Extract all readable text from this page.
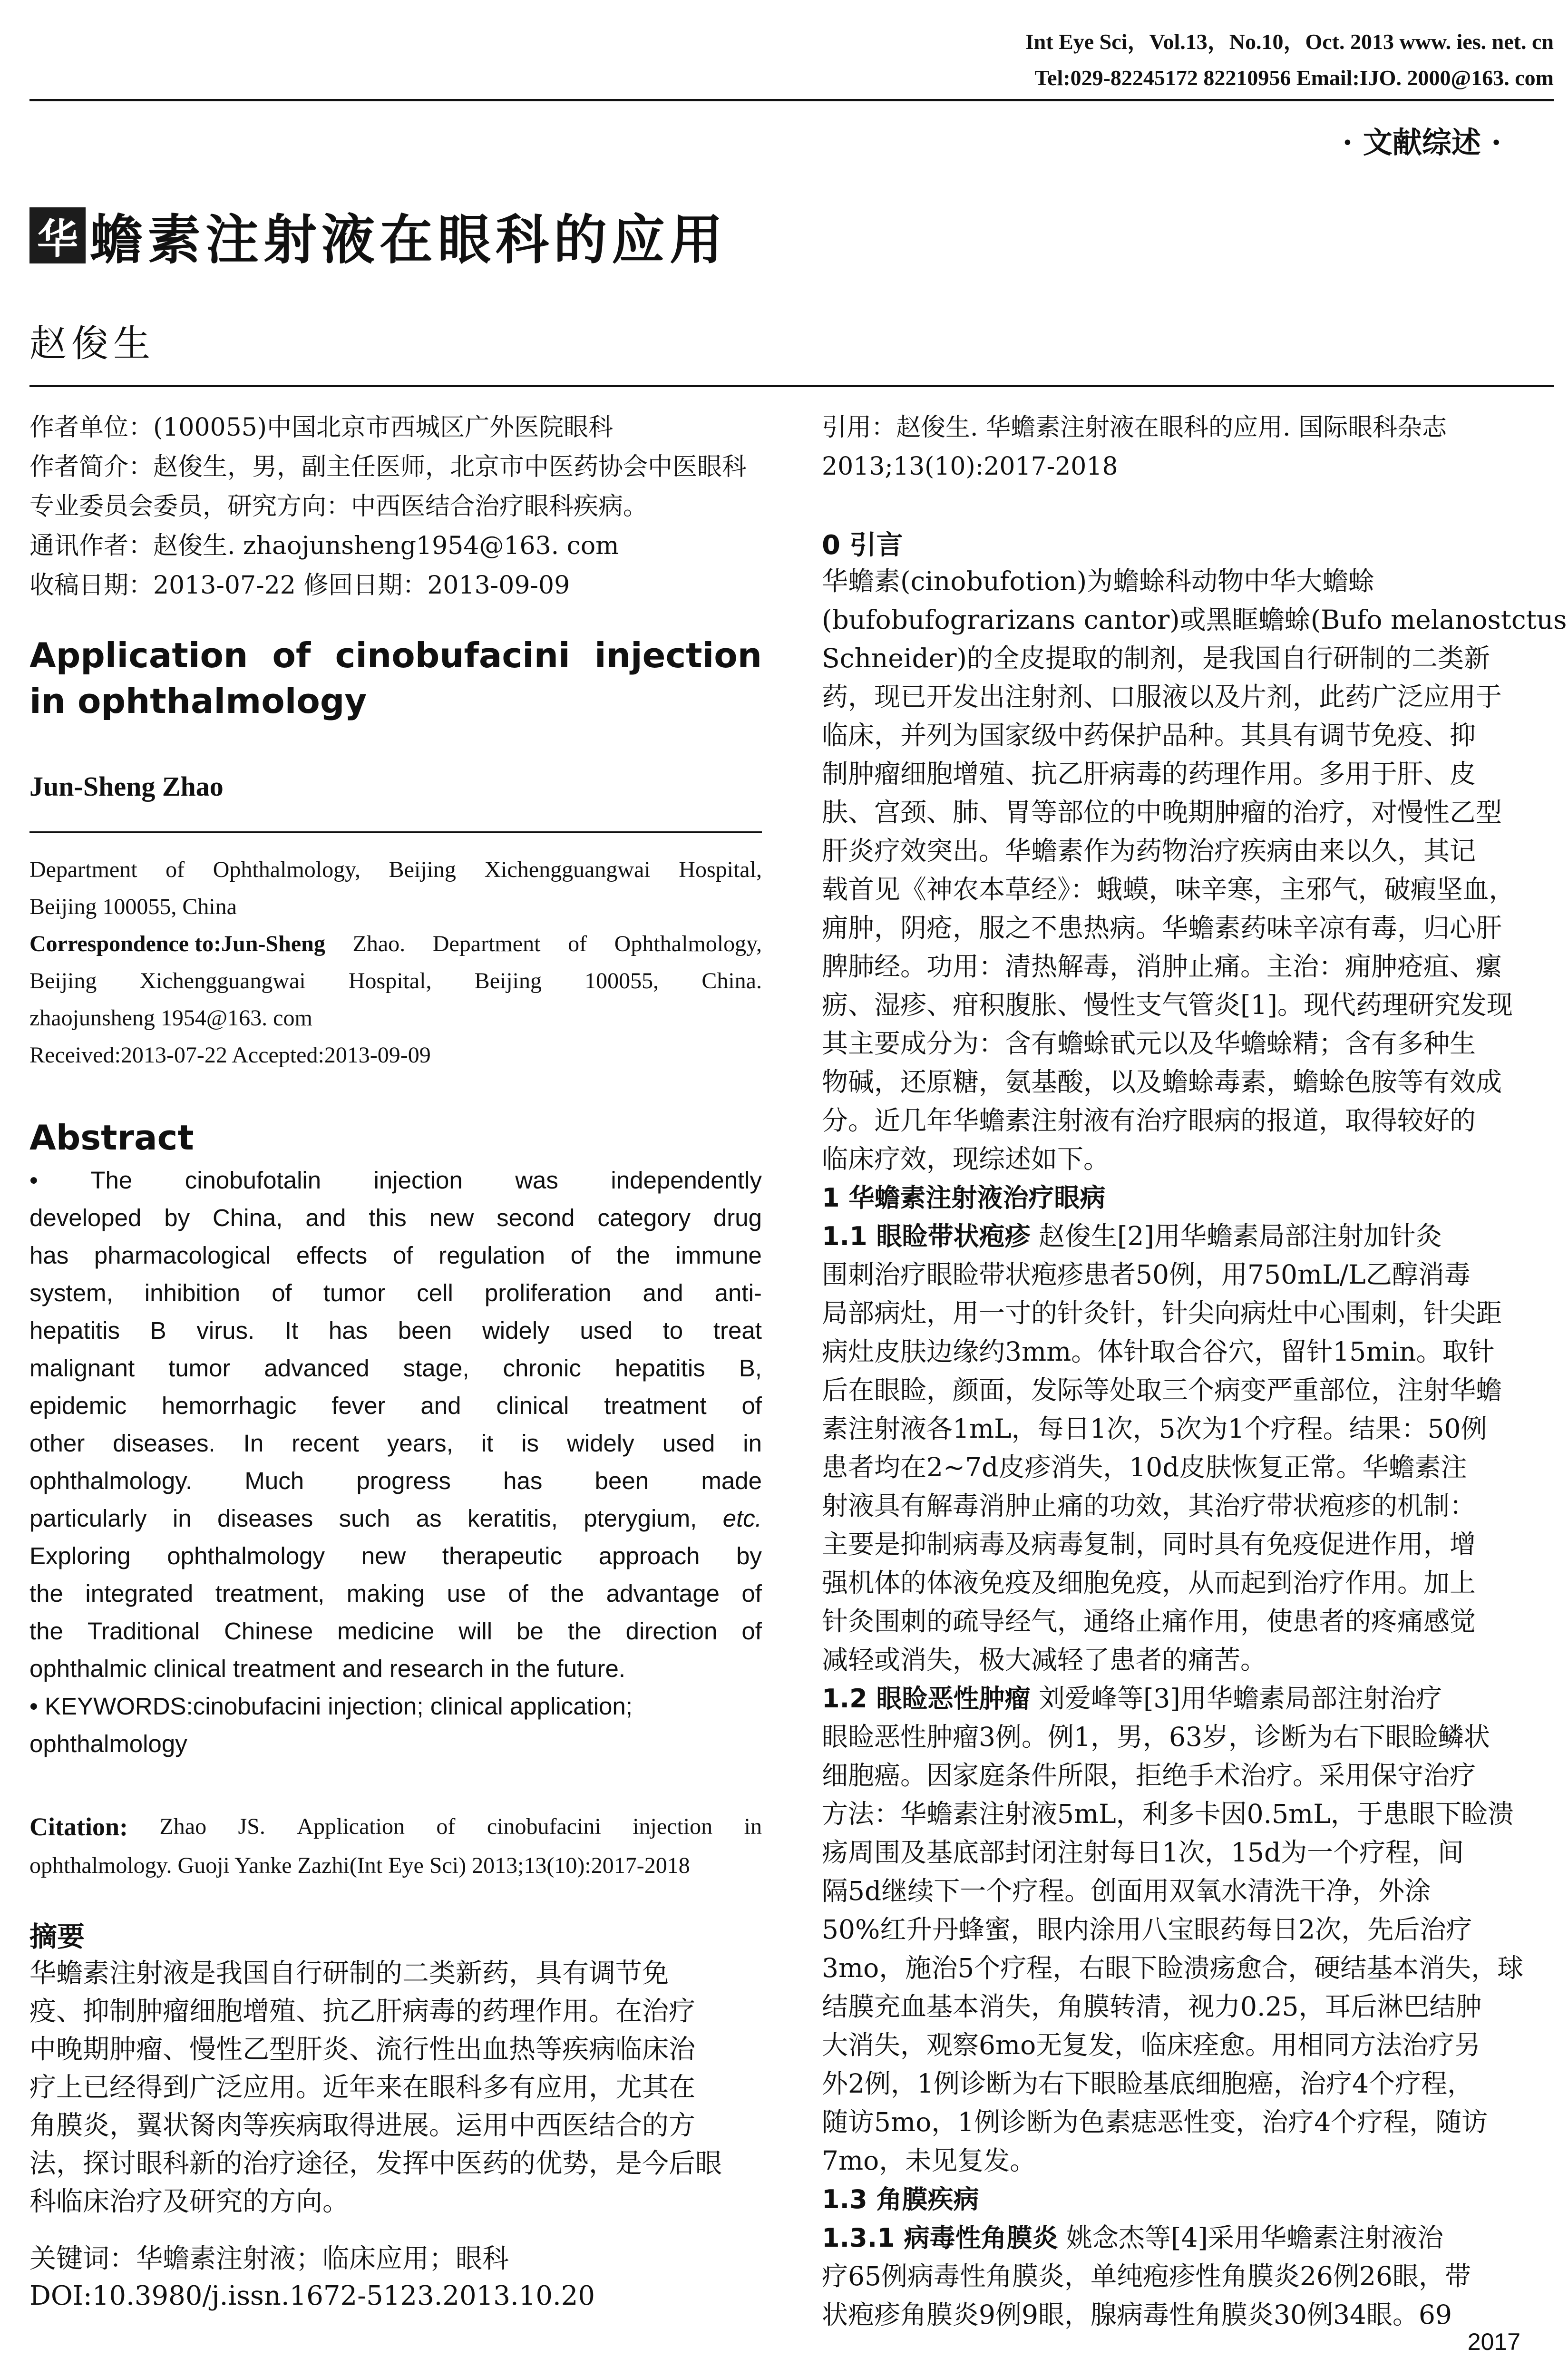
Int Eye Sci，Vol.13，No.10，Oct. 2013 www. ies. net. cn
Tel:029-82245172 82210956 Email:IJO. 2000@163. com
· 文献综述 ·
华 蟾素注射液在眼科的应用
赵俊生
作者单位：(100055)中国北京市西城区广外医院眼科
作者简介：赵俊生，男，副主任医师，北京市中医药协会中医眼科
专业委员会委员，研究方向：中西医结合治疗眼科疾病。
通讯作者：赵俊生. zhaojunsheng1954@163. com
收稿日期：2013-07-22 修回日期：2013-09-09
Application of cinobufacini injection
in ophthalmology
Jun-Sheng Zhao
Department of Ophthalmology, Beijing Xichengguangwai Hospital,
Beijing 100055, China
Correspondence to:Jun-Sheng Zhao. Department of Ophthalmology,
Beijing Xichengguangwai Hospital, Beijing 100055, China.
zhaojunsheng 1954@163. com
Received:2013-07-22 Accepted:2013-09-09
Abstract
• The cinobufotalin injection was independently
developed by China, and this new second category drug
has pharmacological effects of regulation of the immune
system, inhibition of tumor cell proliferation and anti-
hepatitis B virus. It has been widely used to treat
malignant tumor advanced stage, chronic hepatitis B,
epidemic hemorrhagic fever and clinical treatment of
other diseases. In recent years, it is widely used in
ophthalmology. Much progress has been made
particularly in diseases such as keratitis, pterygium, etc.
Exploring ophthalmology new therapeutic approach by
the integrated treatment, making use of the advantage of
the Traditional Chinese medicine will be the direction of
ophthalmic clinical treatment and research in the future.
• KEYWORDS:cinobufacini injection; clinical application;
ophthalmology
Citation: Zhao JS. Application of cinobufacini injection in
ophthalmology. Guoji Yanke Zazhi(Int Eye Sci) 2013;13(10):2017-2018
摘要
华蟾素注射液是我国自行研制的二类新药，具有调节免
疫、抑制肿瘤细胞增殖、抗乙肝病毒的药理作用。在治疗
中晚期肿瘤、慢性乙型肝炎、流行性出血热等疾病临床治
疗上已经得到广泛应用。近年来在眼科多有应用，尤其在
角膜炎，翼状胬肉等疾病取得进展。运用中西医结合的方
法，探讨眼科新的治疗途径，发挥中医药的优势，是今后眼
科临床治疗及研究的方向。
关键词：华蟾素注射液；临床应用；眼科
DOI:10.3980/j.issn.1672-5123.2013.10.20
引用：赵俊生. 华蟾素注射液在眼科的应用. 国际眼科杂志
2013;13(10):2017-2018
0 引言
华蟾素(cinobufotion)为蟾蜍科动物中华大蟾蜍
(bufobufograrizans cantor)或黑眶蟾蜍(Bufo melanostctus
Schneider)的全皮提取的制剂，是我国自行研制的二类新
药，现已开发出注射剂、口服液以及片剂，此药广泛应用于
临床，并列为国家级中药保护品种。其具有调节免疫、抑
制肿瘤细胞增殖、抗乙肝病毒的药理作用。多用于肝、皮
肤、宫颈、肺、胃等部位的中晚期肿瘤的治疗，对慢性乙型
肝炎疗效突出。华蟾素作为药物治疗疾病由来以久，其记
载首见《神农本草经》：蛾蟆，味辛寒，主邪气，破瘕坚血，
痈肿，阴疮，服之不患热病。华蟾素药味辛凉有毒，归心肝
脾肺经。功用：清热解毒，消肿止痛。主治：痈肿疮疽、瘰
疬、湿疹、疳积腹胀、慢性支气管炎[1]。现代药理研究发现
其主要成分为：含有蟾蜍甙元以及华蟾蜍精；含有多种生
物碱，还原糖，氨基酸，以及蟾蜍毒素，蟾蜍色胺等有效成
分。近几年华蟾素注射液有治疗眼病的报道，取得较好的
临床疗效，现综述如下。
1 华蟾素注射液治疗眼病
1.1 眼睑带状疱疹 赵俊生[2]用华蟾素局部注射加针灸
围刺治疗眼睑带状疱疹患者50例，用750mL/L乙醇消毒
局部病灶，用一寸的针灸针，针尖向病灶中心围刺，针尖距
病灶皮肤边缘约3mm。体针取合谷穴，留针15min。取针
后在眼睑，颜面，发际等处取三个病变严重部位，注射华蟾
素注射液各1mL，每日1次，5次为1个疗程。结果：50例
患者均在2~7d皮疹消失，10d皮肤恢复正常。华蟾素注
射液具有解毒消肿止痛的功效，其治疗带状疱疹的机制：
主要是抑制病毒及病毒复制，同时具有免疫促进作用，增
强机体的体液免疫及细胞免疫，从而起到治疗作用。加上
针灸围刺的疏导经气，通络止痛作用，使患者的疼痛感觉
减轻或消失，极大减轻了患者的痛苦。
1.2 眼睑恶性肿瘤 刘爱峰等[3]用华蟾素局部注射治疗
眼睑恶性肿瘤3例。例1，男，63岁，诊断为右下眼睑鳞状
细胞癌。因家庭条件所限，拒绝手术治疗。采用保守治疗
方法：华蟾素注射液5mL，利多卡因0.5mL，于患眼下睑溃
疡周围及基底部封闭注射每日1次，15d为一个疗程，间
隔5d继续下一个疗程。创面用双氧水清洗干净，外涂
50%红升丹蜂蜜，眼内涂用八宝眼药每日2次，先后治疗
3mo，施治5个疗程，右眼下睑溃疡愈合，硬结基本消失，球
结膜充血基本消失，角膜转清，视力0.25，耳后淋巴结肿
大消失，观察6mo无复发，临床痊愈。用相同方法治疗另
外2例，1例诊断为右下眼睑基底细胞癌，治疗4个疗程，
随访5mo，1例诊断为色素痣恶性变，治疗4个疗程，随访
7mo，未见复发。
1.3 角膜疾病
1.3.1 病毒性角膜炎 姚念杰等[4]采用华蟾素注射液治
疗65例病毒性角膜炎，单纯疱疹性角膜炎26例26眼，带
状疱疹角膜炎9例9眼，腺病毒性角膜炎30例34眼。69
2017
